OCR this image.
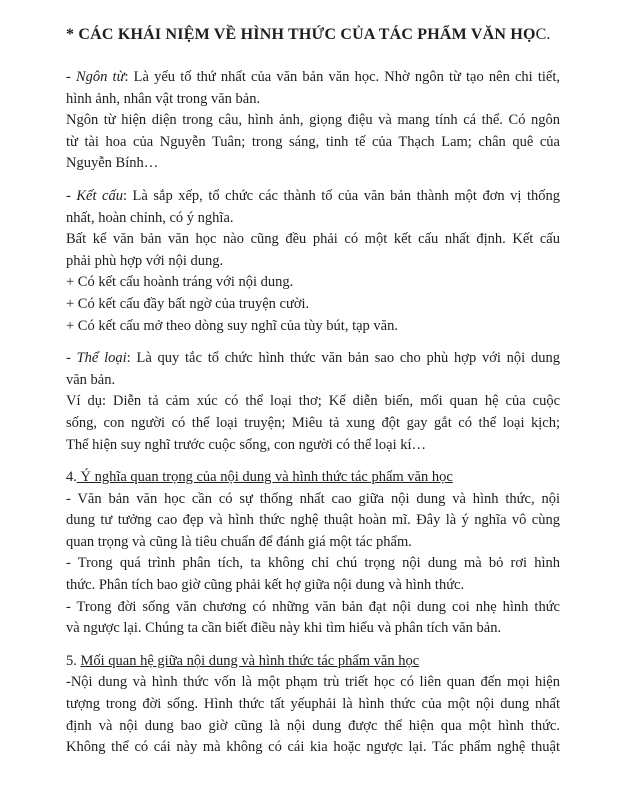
* CÁC KHÁI NIỆM VỀ HÌNH THỨC CỦA TÁC PHẨM VĂN HỌC.
- Ngôn từ: Là yếu tố thứ nhất của văn bản văn học. Nhờ ngôn từ tạo nên chi tiết,
hình ảnh, nhân vật trong văn bản.
Ngôn từ hiện diện trong câu, hình ảnh, giọng điệu và mang tính cá thể. Có ngôn
từ tài hoa của Nguyễn Tuân; trong sáng, tinh tế của Thạch Lam; chân quê của
Nguyễn Bính…
- Kết cấu: Là sắp xếp, tổ chức các thành tố của văn bản thành một đơn vị thống
nhất, hoàn chỉnh, có ý nghĩa.
Bất kể văn bản văn học nào cũng đều phải có một kết cấu nhất định. Kết cấu
phải phù hợp với nội dung.
+ Có kết cấu hoành tráng với nội dung.
+ Có kết cấu đầy bất ngờ của truyện cười.
+ Có kết cấu mở theo dòng suy nghĩ của tùy bút, tạp văn.
- Thể loại: Là quy tắc tổ chức hình thức văn bản sao cho phù hợp với nội dung
văn bản.
Ví dụ: Diễn tả cảm xúc có thể loại thơ; Kể diễn biến, mối quan hệ của cuộc
sống, con người có thể loại truyện; Miêu tả xung đột gay gắt có thể loại kịch;
Thể hiện suy nghĩ trước cuộc sống, con người có thể loại kí…
4. Ý nghĩa quan trọng của nội dung và hình thức tác phẩm văn học
- Văn bản văn học cần có sự thống nhất cao giữa nội dung và hình thức, nội
dung tư tưởng cao đẹp và hình thức nghệ thuật hoàn mĩ. Đây là ý nghĩa vô cùng
quan trọng và cũng là tiêu chuẩn để đánh giá một tác phẩm.
- Trong quá trình phân tích, ta không chỉ chú trọng nội dung mà bỏ rơi hình
thức. Phân tích bao giờ cũng phải kết hợ giữa nội dung và hình thức.
- Trong đời sống văn chương có những văn bản đạt nội dung coi nhẹ hình thức
và ngược lại. Chúng ta cần biết điều này khi tìm hiểu và phân tích văn bản.
5. Mối quan hệ giữa nội dung và hình thức tác phẩm văn học
-Nội dung và hình thức vốn là một phạm trù triết học có liên quan đến mọi hiện
tượng trong đời sống. Hình thức tất yếuphải là hình thức của một nội dung nhất
định và nội dung bao giờ cũng là nội dung được thể hiện qua một hình thức.
Không thể có cái này mà không có cái kia hoặc ngược lại. Tác phẩm nghệ thuật
